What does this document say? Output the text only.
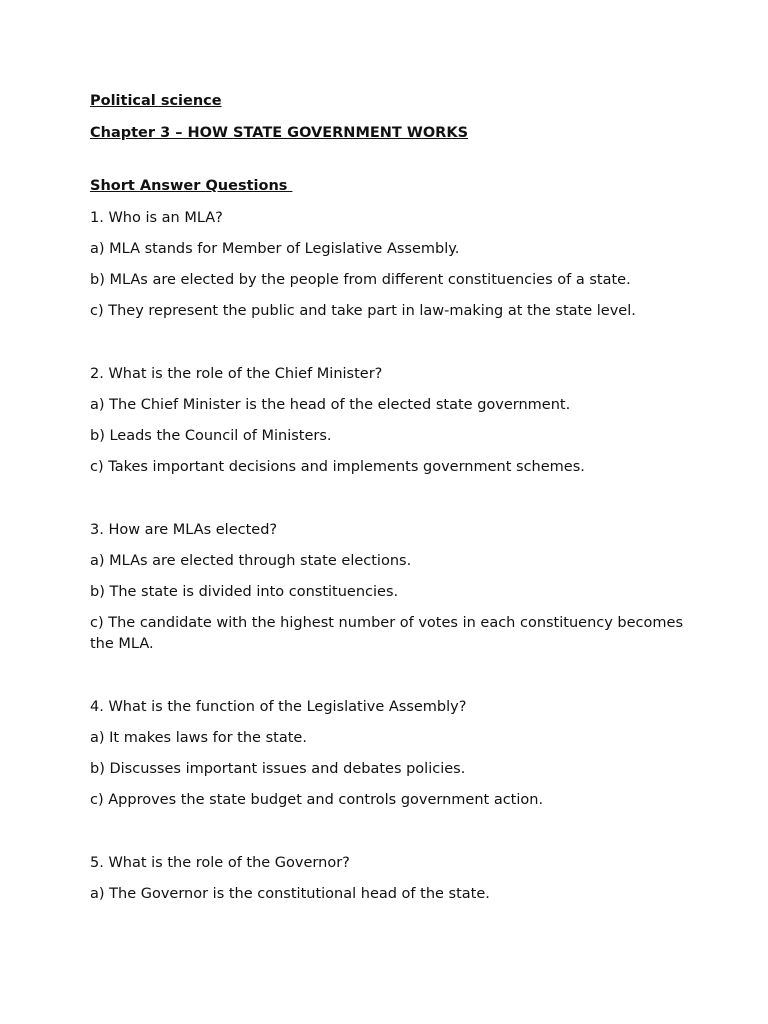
Political science
Chapter 3 – HOW STATE GOVERNMENT WORKS
Short Answer Questions
1. Who is an MLA?
a) MLA stands for Member of Legislative Assembly.
b) MLAs are elected by the people from different constituencies of a state.
c) They represent the public and take part in law-making at the state level.
2. What is the role of the Chief Minister?
a) The Chief Minister is the head of the elected state government.
b) Leads the Council of Ministers.
c) Takes important decisions and implements government schemes.
3. How are MLAs elected?
a) MLAs are elected through state elections.
b) The state is divided into constituencies.
c) The candidate with the highest number of votes in each constituency becomes the MLA.
4. What is the function of the Legislative Assembly?
a) It makes laws for the state.
b) Discusses important issues and debates policies.
c) Approves the state budget and controls government action.
5. What is the role of the Governor?
a) The Governor is the constitutional head of the state.
